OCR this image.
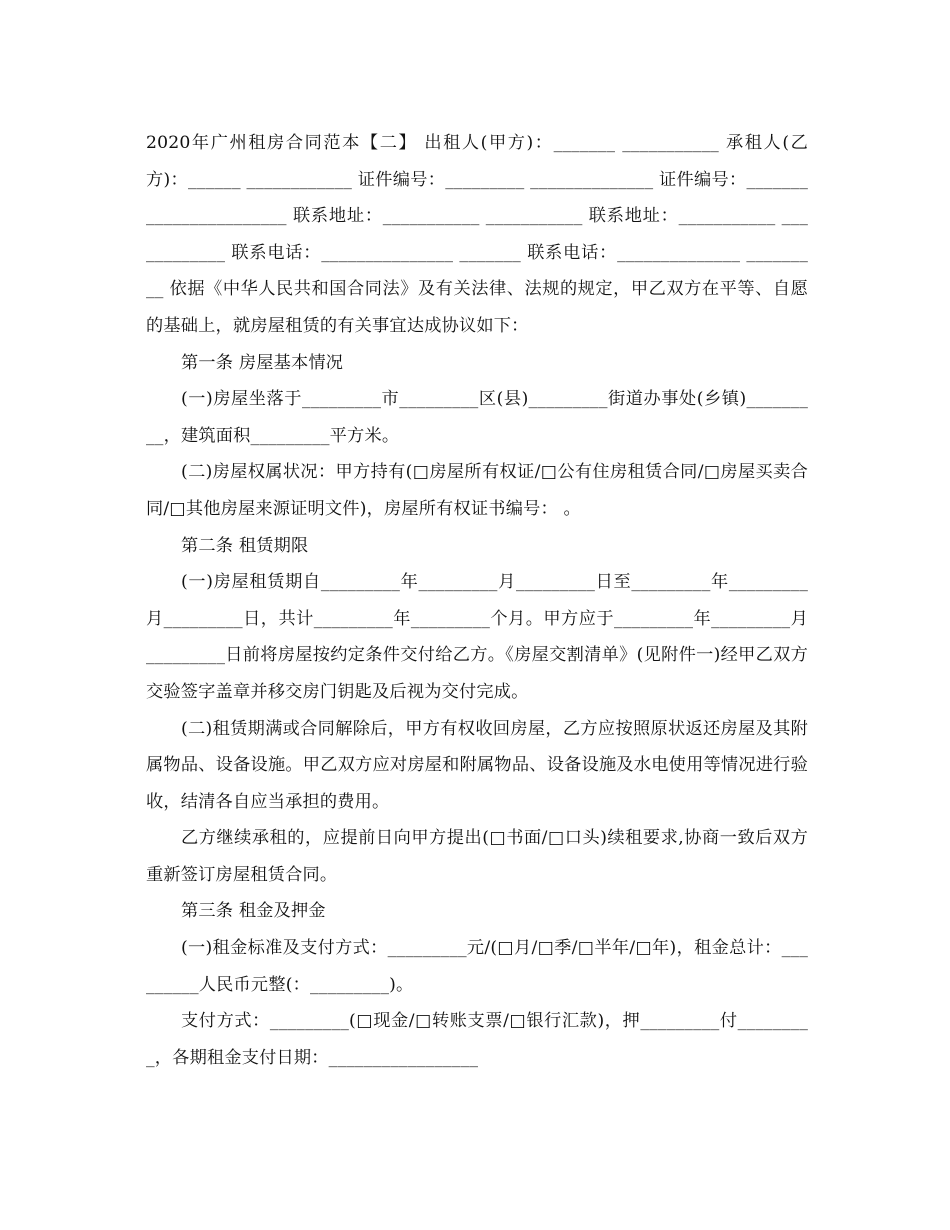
2020年广州租房合同范本【二】 出租人(甲方)：_______ ___________ 承租人(乙方)：______ ____________ 证件编号：_________ ______________ 证件编号：_______ ________________ 联系地址：___________ ___________ 联系地址：___________ ____________ 联系电话：_______________ _______ 联系电话：______________ _________ 依据《中华人民共和国合同法》及有关法律、法规的规定，甲乙双方在平等、自愿的基础上，就房屋租赁的有关事宜达成协议如下：

第一条 房屋基本情况

(一)房屋坐落于_________市_________区(县)_________街道办事处(乡镇)_________，建筑面积_________平方米。

(二)房屋权属状况：甲方持有(□房屋所有权证/□公有住房租赁合同/□房屋买卖合同/□其他房屋来源证明文件)，房屋所有权证书编号： 。

第二条 租赁期限

(一)房屋租赁期自_________年_________月_________日至_________年_________月_________日，共计_________年_________个月。甲方应于_________年_________月_________日前将房屋按约定条件交付给乙方。《房屋交割清单》(见附件一)经甲乙双方交验签字盖章并移交房门钥匙及后视为交付完成。

(二)租赁期满或合同解除后，甲方有权收回房屋，乙方应按照原状返还房屋及其附属物品、设备设施。甲乙双方应对房屋和附属物品、设备设施及水电使用等情况进行验收，结清各自应当承担的费用。

乙方继续承租的，应提前日向甲方提出(□书面/□口头)续租要求,协商一致后双方重新签订房屋租赁合同。

第三条 租金及押金

(一)租金标准及支付方式：_________元/(□月/□季/□半年/□年)，租金总计：_________人民币元整(：_________)。

支付方式：_________(□现金/□转账支票/□银行汇款)，押_________付_________，各期租金支付日期：_________________
